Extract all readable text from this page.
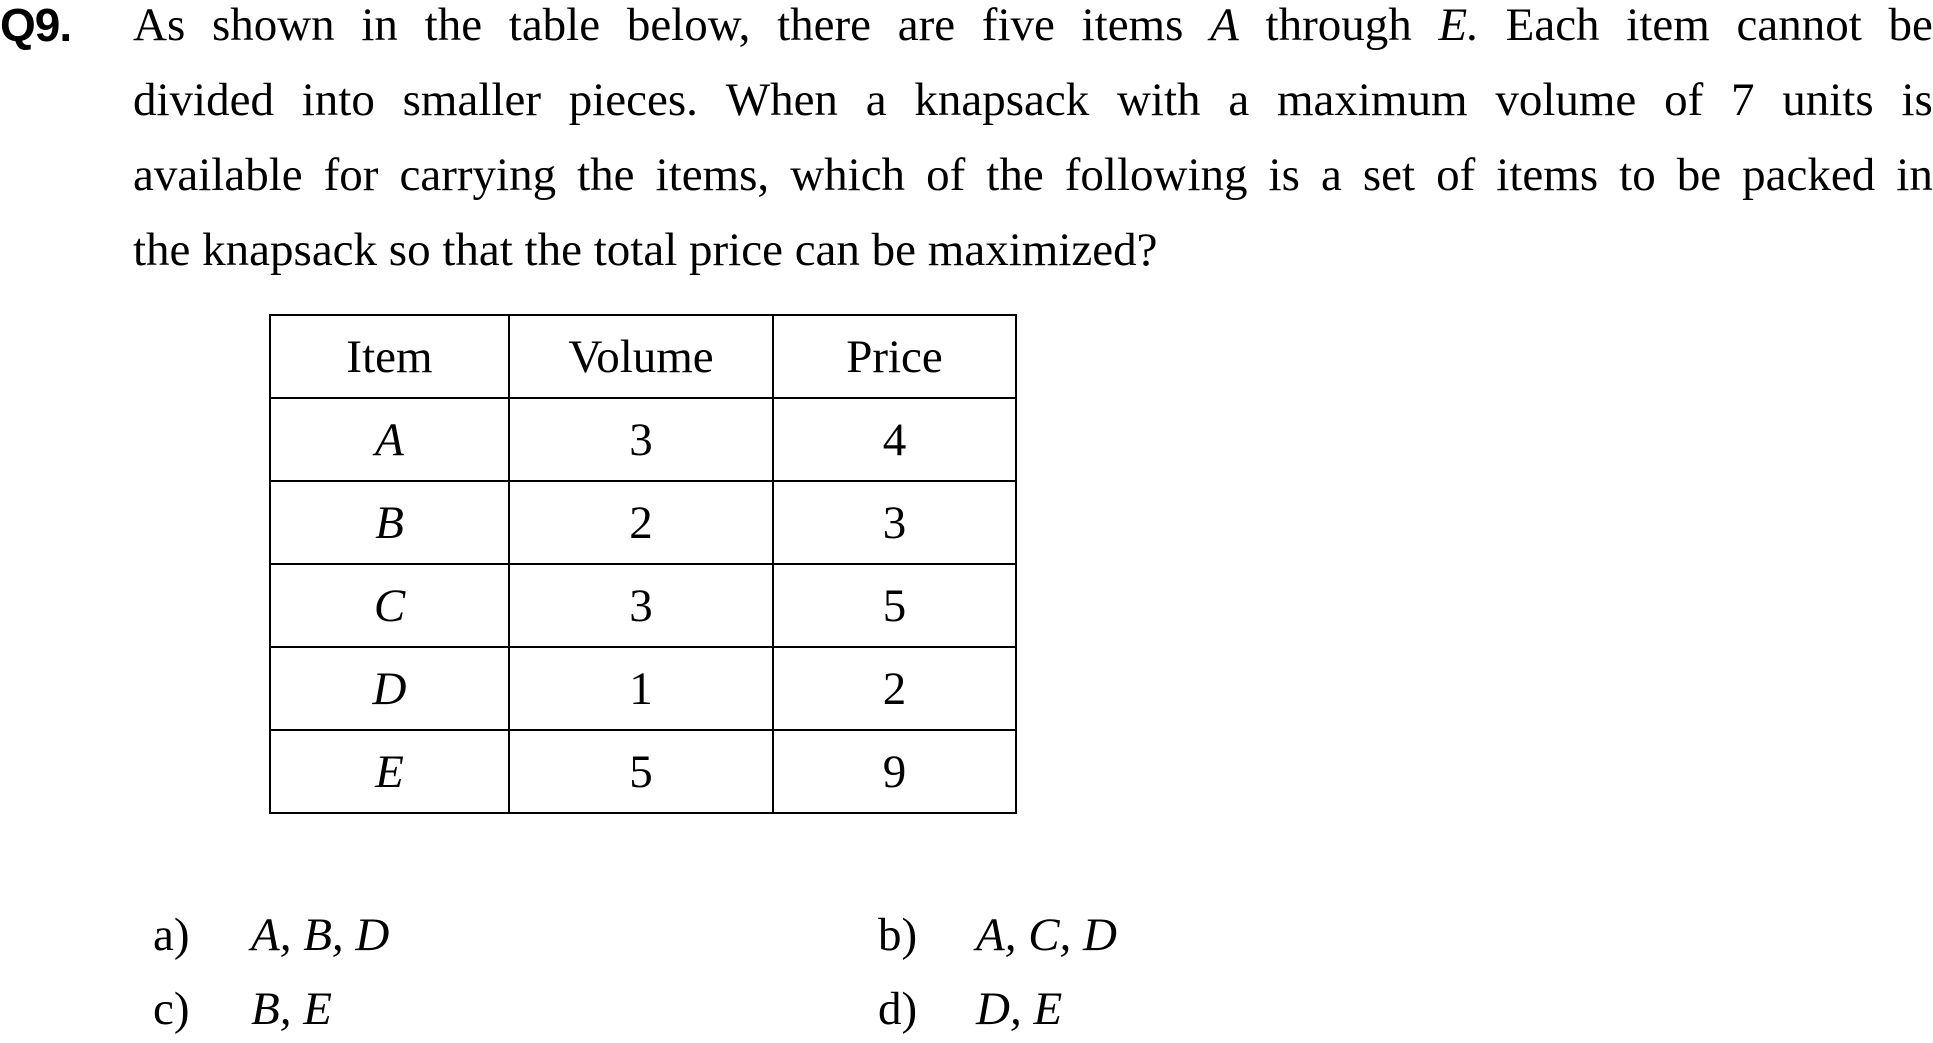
Q9. As shown in the table below, there are five items A through E. Each item cannot be
divided into smaller pieces. When a knapsack with a maximum volume of 7 units is
available for carrying the items, which of the following is a set of items to be packed in
the knapsack so that the total price can be maximized?
Item	Volume	Price
A	3	4
B	2	3
C	3	5
D	1	2
E	5	9
a) A, B, D	b) A, C, D
c) B, E	d) D, E
